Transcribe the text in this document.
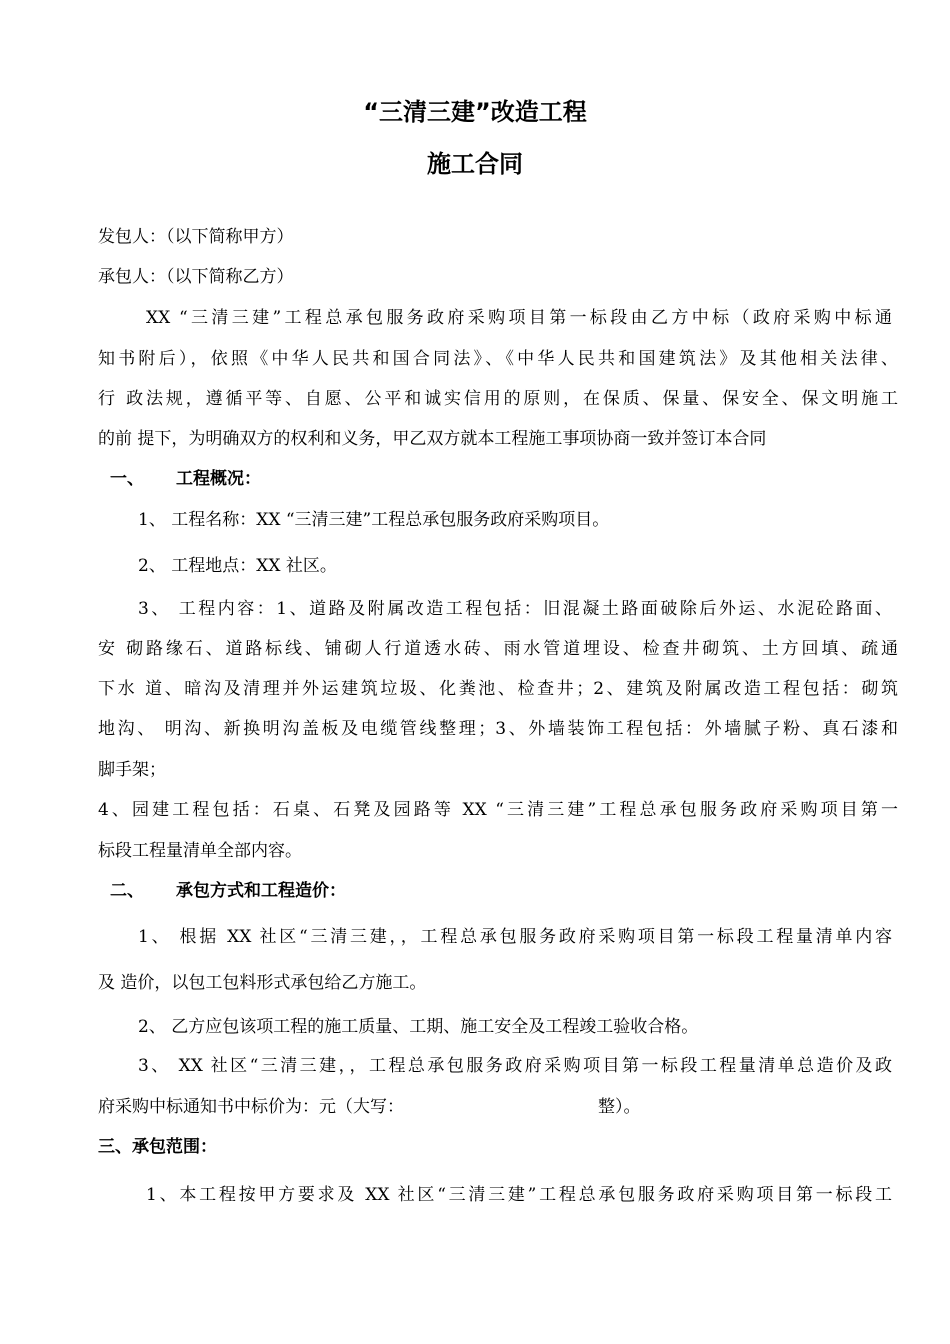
“三清三建”改造工程
施工合同
发包人：（以下简称甲方）
承包人：（以下简称乙方）
XX “三清三建”工程总承包服务政府采购项目第一标段由乙方中标（政府采购中标通
知书附后），依照《中华人民共和国合同法》、《中华人民共和国建筑法》及其他相关法律、
行 政法规，遵循平等、自愿、公平和诚实信用的原则，在保质、保量、保安全、保文明施工
的前 提下，为明确双方的权利和义务，甲乙双方就本工程施工事项协商一致并签订本合同
一、	工程概况：
1、 工程名称：XX “三清三建”工程总承包服务政府采购项目。
2、 工程地点：XX 社区。
3、 工程内容：1、道路及附属改造工程包括：旧混凝土路面破除后外运、水泥砼路面、
安 砌路缘石、道路标线、铺砌人行道透水砖、雨水管道埋设、检查井砌筑、土方回填、疏通
下水 道、暗沟及清理并外运建筑垃圾、化粪池、检查井；2、建筑及附属改造工程包括：砌筑
地沟、 明沟、新换明沟盖板及电缆管线整理；3、外墙装饰工程包括：外墙腻子粉、真石漆和
脚手架；
4、园建工程包括：石桌、石凳及园路等 XX “三清三建”工程总承包服务政府采购项目第一
标段工程量清单全部内容。
二、	承包方式和工程造价：
1、 根据 XX 社区“三清三建，，工程总承包服务政府采购项目第一标段工程量清单内容
及 造价，以包工包料形式承包给乙方施工。
2、 乙方应包该项工程的施工质量、工期、施工安全及工程竣工验收合格。
3、 XX 社区“三清三建，，工程总承包服务政府采购项目第一标段工程量清单总造价及政
府采购中标通知书中标价为：元（大写：	整）。
三、承包范围：
1、本工程按甲方要求及 XX 社区“三清三建”工程总承包服务政府采购项目第一标段工
